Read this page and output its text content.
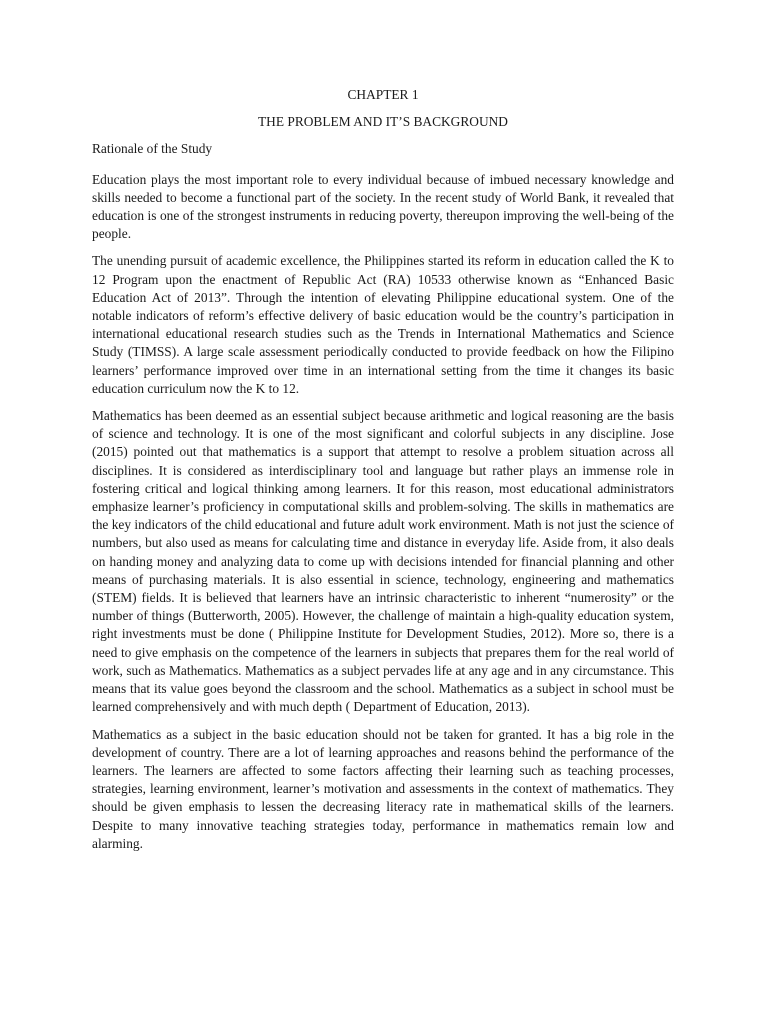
CHAPTER 1
THE PROBLEM AND IT’S BACKGROUND
Rationale of the Study

Education plays the most important role to every individual because of imbued necessary knowledge and skills needed to become a functional part of the society. In the recent study of World Bank, it revealed that education is one of the strongest instruments in reducing poverty, thereupon improving the well-being of the people.

The unending pursuit of academic excellence, the Philippines started its reform in education called the K to 12 Program upon the enactment of Republic Act (RA) 10533 otherwise known as “Enhanced Basic Education Act of 2013”. Through the intention of elevating Philippine educational system. One of the notable indicators of reform’s effective delivery of basic education would be the country’s participation in international educational research studies such as the Trends in International Mathematics and Science Study (TIMSS). A large scale assessment periodically conducted to provide feedback on how the Filipino learners’ performance improved over time in an international setting from the time it changes its basic education curriculum now the K to 12.

Mathematics has been deemed as an essential subject because arithmetic and logical reasoning are the basis of science and technology. It is one of the most significant and colorful subjects in any discipline. Jose (2015) pointed out that mathematics is a support that attempt to resolve a problem situation across all disciplines. It is considered as interdisciplinary tool and language but rather plays an immense role in fostering critical and logical thinking among learners. It for this reason, most educational administrators emphasize learner’s proficiency in computational skills and problem-solving. The skills in mathematics are the key indicators of the child educational and future adult work environment. Math is not just the science of numbers, but also used as means for calculating time and distance in everyday life. Aside from, it also deals on handing money and analyzing data to come up with decisions intended for financial planning and other means of purchasing materials. It is also essential in science, technology, engineering and mathematics (STEM) fields. It is believed that learners have an intrinsic characteristic to inherent “numerosity” or the number of things (Butterworth, 2005). However, the challenge of maintain a high-quality education system, right investments must be done ( Philippine Institute for Development Studies, 2012). More so, there is a need to give emphasis on the competence of the learners in subjects that prepares them for the real world of work, such as Mathematics. Mathematics as a subject pervades life at any age and in any circumstance. This means that its value goes beyond the classroom and the school. Mathematics as a subject in school must be learned comprehensively and with much depth ( Department of Education, 2013).

Mathematics as a subject in the basic education should not be taken for granted. It has a big role in the development of country. There are a lot of learning approaches and reasons behind the performance of the learners. The learners are affected to some factors affecting their learning such as teaching processes, strategies, learning environment, learner’s motivation and assessments in the context of mathematics. They should be given emphasis to lessen the decreasing literacy rate in mathematical skills of the learners. Despite to many innovative teaching strategies today, performance in mathematics remain low and alarming.
